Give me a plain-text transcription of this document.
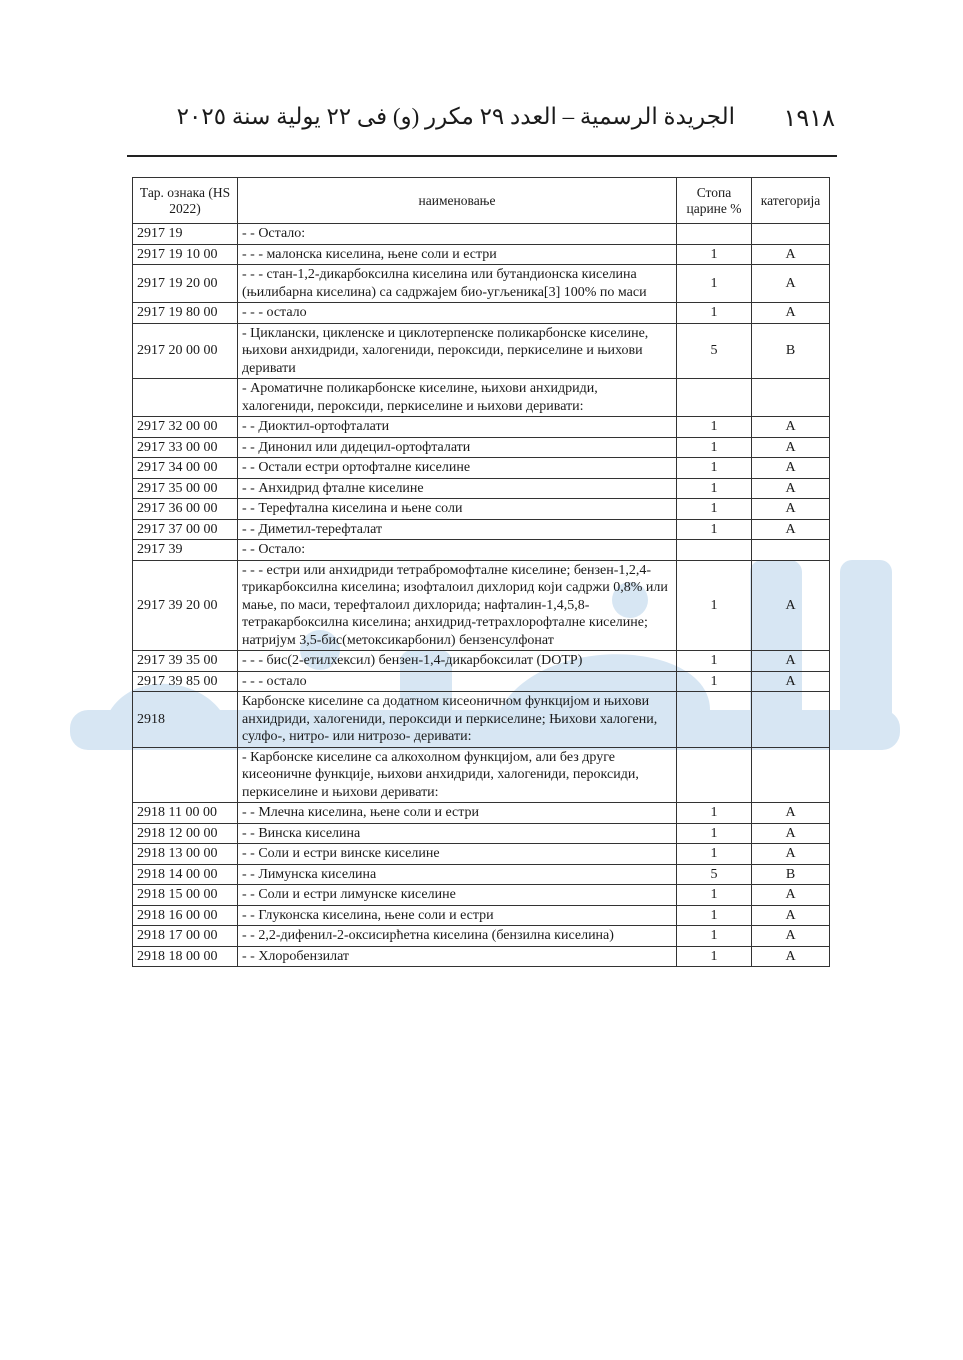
١٩١٨
الجريدة الرسمية – العدد ٢٩ مكرر (و) فى ٢٢ يولية سنة ٢٠٢٥
Тар. ознака (HS 2022)	наименовање	Стопа царине %	категорија
2917 19	- - Остало:		
2917 19 10 00	- - - малонска киселина, њене соли и естри	1	A
2917 19 20 00	- - - стан-1,2-дикарбоксилна киселина или бутандионска киселина (њилибарна киселина) са садржајем био-угљеника[3] 100% по маси	1	A
2917 19 80 00	- - - остало	1	A
2917 20 00 00	- Циклански, цикленске и циклотерпенске поликарбонске киселине, њихови анхидриди, халогениди, пероксиди, перкиселине и њихови деривати	5	B
	- Ароматичне поликарбонске киселине, њихови анхидриди, халогениди, пероксиди, перкиселине и њихови деривати:		
2917 32 00 00	- - Диоктил-ортофталати	1	A
2917 33 00 00	- - Динонил или дидецил-ортофталати	1	A
2917 34 00 00	- - Остали естри ортофталне киселине	1	A
2917 35 00 00	- - Анхидрид фталне киселине	1	A
2917 36 00 00	- - Терефтална киселина и њене соли	1	A
2917 37 00 00	- - Диметил-терефталат	1	A
2917 39	- - Остало:		
2917 39 20 00	- - - естри или анхидриди тетрабромофталне киселине; бензен-1,2,4-трикарбоксилна киселина; изофталоил дихлорид који садржи 0,8% или мање, по маси, терефталоил дихлорида; нафталин-1,4,5,8-тетракарбоксилна киселина; анхидрид-тетрахлорофталне киселине; натријум 3,5-бис(метоксикарбонил) бензенсулфонат	1	A
2917 39 35 00	- - - бис(2-етилхексил) бензен-1,4-дикарбоксилат (DOTP)	1	A
2917 39 85 00	- - - остало	1	A
2918	Карбонске киселине са додатном кисеоничном функцијом и њихови анхидриди, халогениди, пероксиди и перкиселине; Њихови халогени, сулфо-, нитро- или нитрозо- деривати:		
	- Карбонске киселине са алкохолном функцијом, али без друге кисеоничне функције, њихови анхидриди, халогениди, пероксиди, перкиселине и њихови деривати:		
2918 11 00 00	- - Млечна киселина, њене соли и естри	1	A
2918 12 00 00	- - Винска киселина	1	A
2918 13 00 00	- - Соли и естри винске киселине	1	A
2918 14 00 00	- - Лимунска киселина	5	B
2918 15 00 00	- - Соли и естри лимунске киселине	1	A
2918 16 00 00	- - Глуконска киселина, њене соли и естри	1	A
2918 17 00 00	- - 2,2-дифенил-2-оксисирћетна киселина (бензилна киселина)	1	A
2918 18 00 00	- - Хлоробензилат	1	A
